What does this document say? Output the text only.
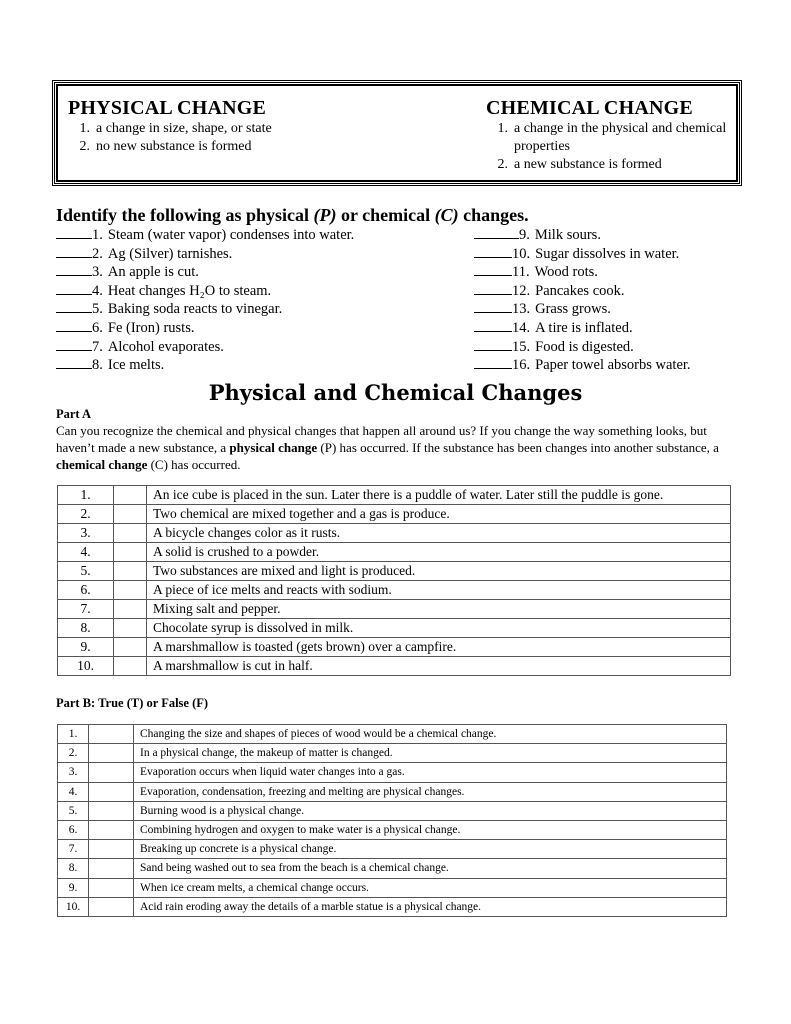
PHYSICAL CHANGE
1. a change in size, shape, or state
2. no new substance is formed
CHEMICAL CHANGE
1. a change in the physical and chemical properties
2. a new substance is formed
Identify the following as physical (P) or chemical (C) changes.
1. Steam (water vapor) condenses into water.
2. Ag (Silver) tarnishes.
3. An apple is cut.
4. Heat changes H₂O to steam.
5. Baking soda reacts to vinegar.
6. Fe (Iron) rusts.
7. Alcohol evaporates.
8. Ice melts.
9. Milk sours.
10. Sugar dissolves in water.
11. Wood rots.
12. Pancakes cook.
13. Grass grows.
14. A tire is inflated.
15. Food is digested.
16. Paper towel absorbs water.
Physical and Chemical Changes
Part A
Can you recognize the chemical and physical changes that happen all around us? If you change the way something looks, but haven’t made a new substance, a physical change (P) has occurred. If the substance has been changes into another substance, a chemical change (C) has occurred.
1.		An ice cube is placed in the sun. Later there is a puddle of water. Later still the puddle is gone.
2.		Two chemical are mixed together and a gas is produce.
3.		A bicycle changes color as it rusts.
4.		A solid is crushed to a powder.
5.		Two substances are mixed and light is produced.
6.		A piece of ice melts and reacts with sodium.
7.		Mixing salt and pepper.
8.		Chocolate syrup is dissolved in milk.
9.		A marshmallow is toasted (gets brown) over a campfire.
10.		A marshmallow is cut in half.
Part B: True (T) or False (F)
1.		Changing the size and shapes of pieces of wood would be a chemical change.
2.		In a physical change, the makeup of matter is changed.
3.		Evaporation occurs when liquid water changes into a gas.
4.		Evaporation, condensation, freezing and melting are physical changes.
5.		Burning wood is a physical change.
6.		Combining hydrogen and oxygen to make water is a physical change.
7.		Breaking up concrete is a physical change.
8.		Sand being washed out to sea from the beach is a chemical change.
9.		When ice cream melts, a chemical change occurs.
10.		Acid rain eroding away the details of a marble statue is a physical change.
